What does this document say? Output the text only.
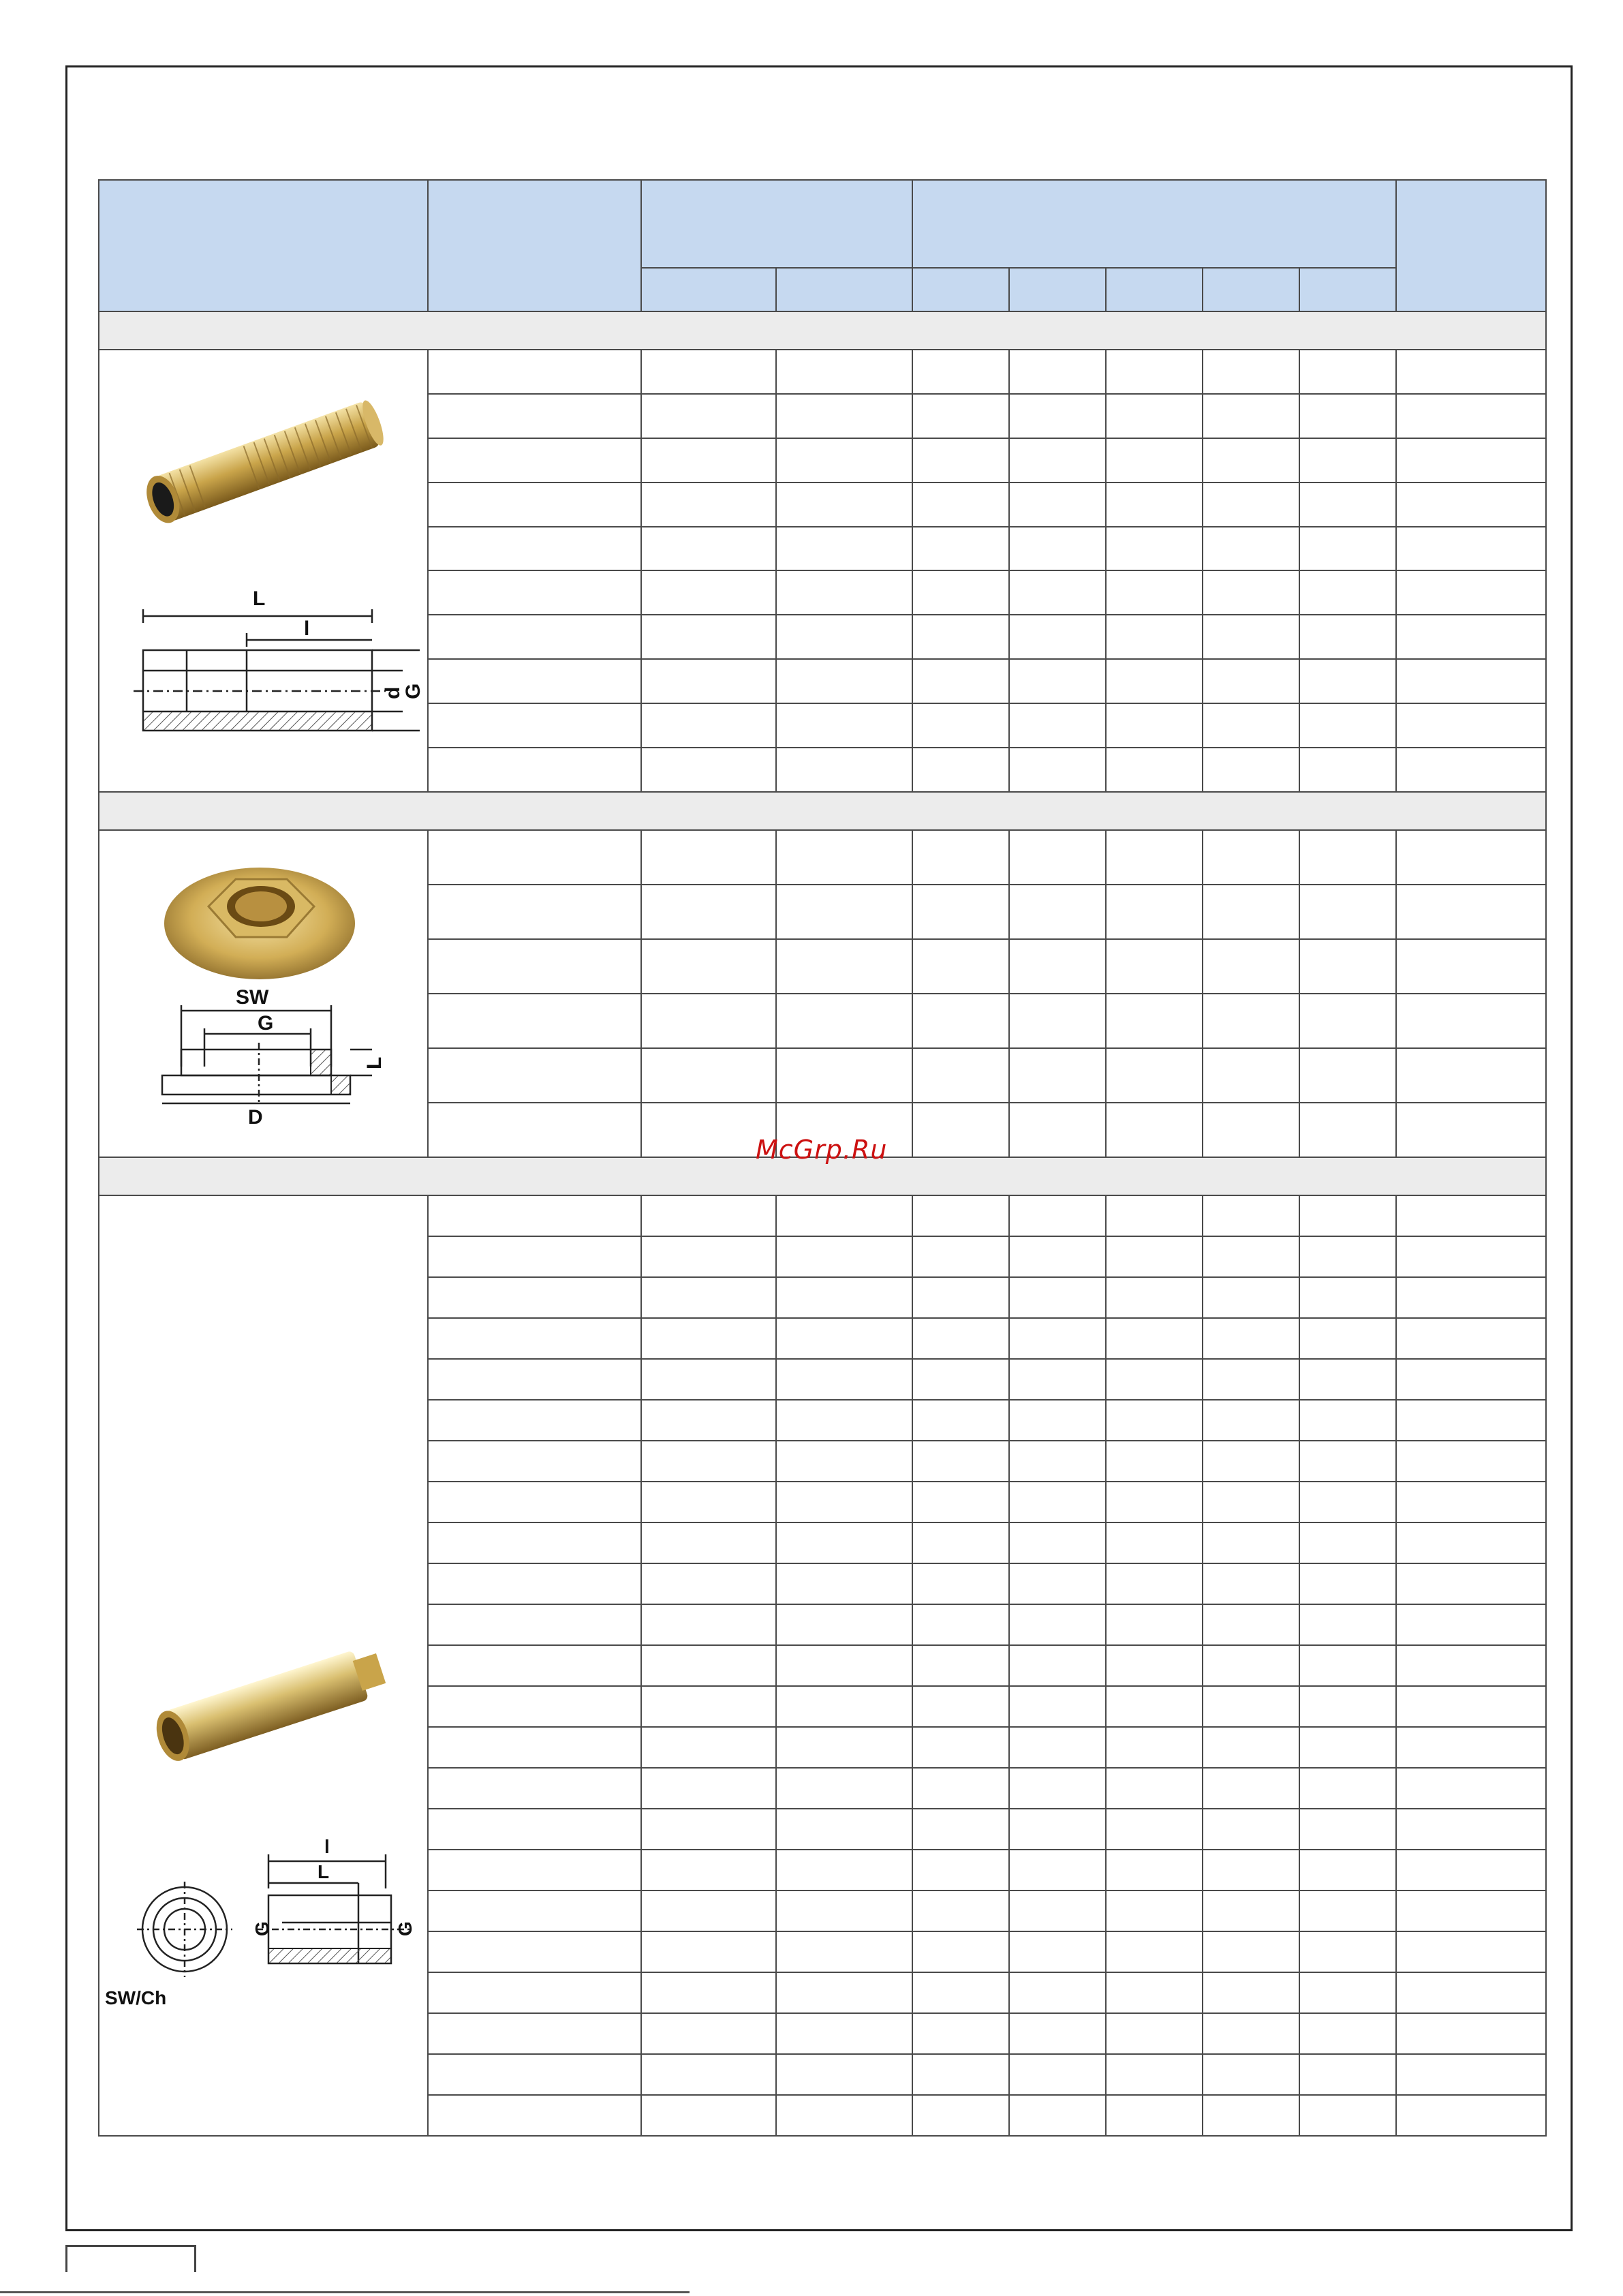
L
l
d
G									

SW
G
L
D									

SW/Ch
l
L
G G									

McGrp.Ru
